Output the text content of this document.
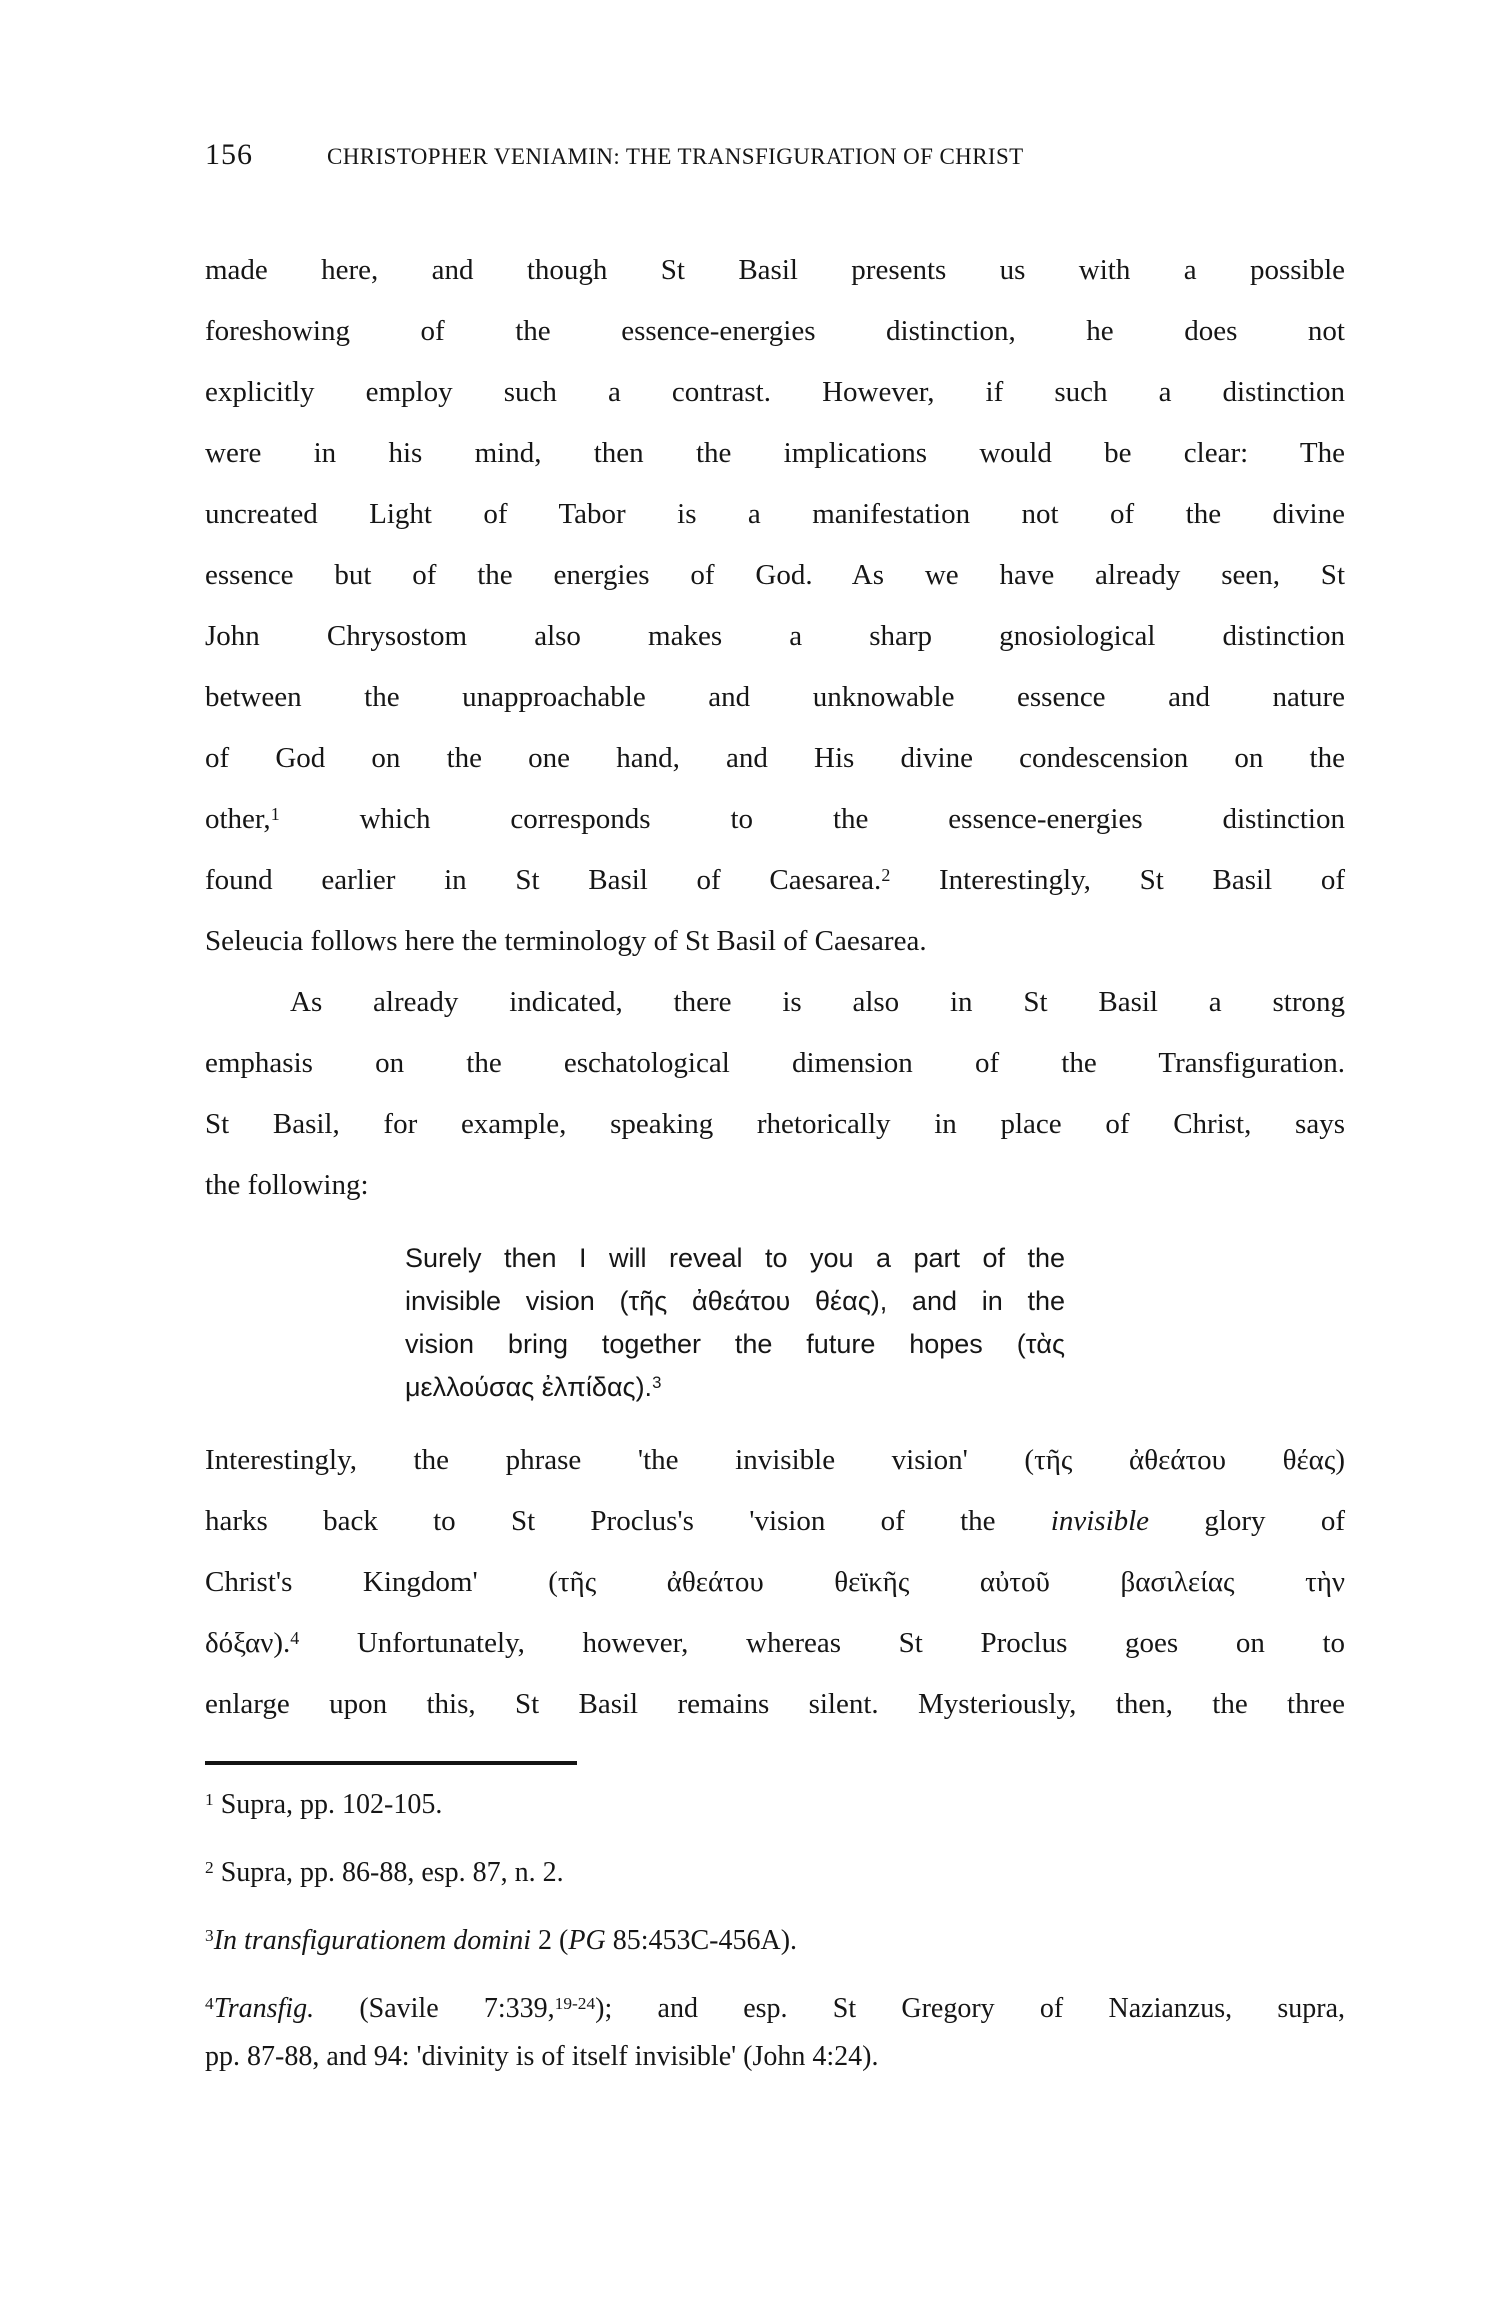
156	CHRISTOPHER VENIAMIN: THE TRANSFIGURATION OF CHRIST
made here, and though St Basil presents us with a possible
foreshowing of the essence-energies distinction, he does not
explicitly employ such a contrast. However, if such a distinction
were in his mind, then the implications would be clear: The
uncreated Light of Tabor is a manifestation not of the divine
essence but of the energies of God. As we have already seen, St
John Chrysostom also makes a sharp gnosiological distinction
between the unapproachable and unknowable essence and nature
of God on the one hand, and His divine condescension on the
other,$^1$ which corresponds to the essence-energies distinction
found earlier in St Basil of Caesarea.$^2$ Interestingly, St Basil of
Seleucia follows here the terminology of St Basil of Caesarea.
As already indicated, there is also in St Basil a strong
emphasis on the eschatological dimension of the Transfiguration.
St Basil, for example, speaking rhetorically in place of Christ, says
the following:
Surely then I will reveal to you a part of the
invisible vision (τῆς ἀθεάτου θέας), and in the
vision bring together the future hopes (τὰς
μελλούσας ἐλπίδας).$^3$
Interestingly, the phrase 'the invisible vision' (τῆς ἀθεάτου θέας)
harks back to St Proclus's 'vision of the invisible glory of
Christ's Kingdom' (τῆς ἀθεάτου θεϊκῆς αὐτοῦ βασιλείας τὴν
δόξαν).$^4$ Unfortunately, however, whereas St Proclus goes on to
enlarge upon this, St Basil remains silent. Mysteriously, then, the three
$^1$ Supra, pp. 102-105.
$^2$ Supra, pp. 86-88, esp. 87, n. 2.
$^3$In transfigurationem domini 2 (PG 85:453C-456A).
$^4$Transfig. (Savile 7:339,$^{19-24}$); and esp. St Gregory of Nazianzus, supra,
pp. 87-88, and 94: 'divinity is of itself invisible' (John 4:24).
